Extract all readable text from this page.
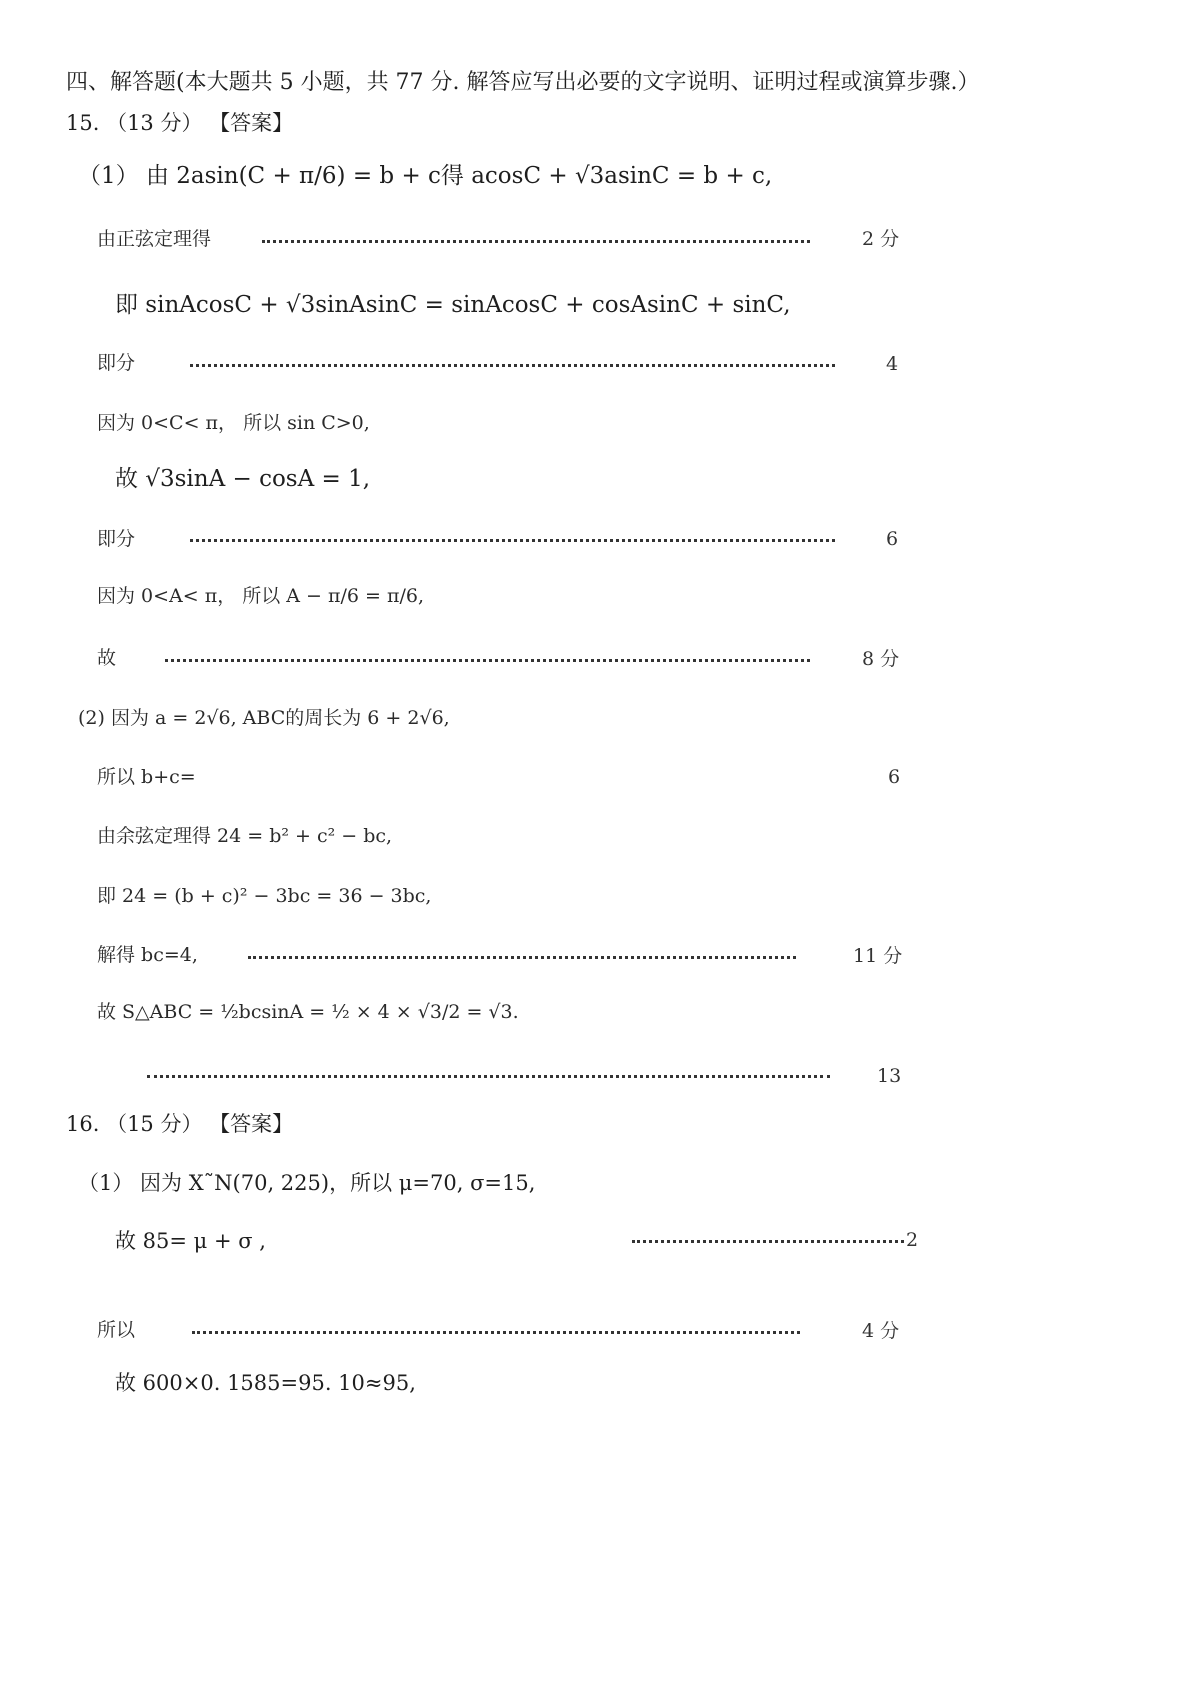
四、解答题(本大题共 5 小题，共 77 分. 解答应写出必要的文字说明、证明过程或演算步骤.）
15. （13 分） 【答案】
（1） 由 2asin(C + π/6) = b + c得 acosC + √3asinC = b + c,
由正弦定理得	2 分
即 sinAcosC + √3sinAsinC = sinAcosC + cosAsinC + sinC,
即分	4
因为 0<C< π， 所以 sin C>0,
故 √3sinA − cosA = 1,
即分	6
因为 0<A< π， 所以 A − π/6 = π/6,
故	8 分
(2) 因为 a = 2√6, ABC的周长为 6 + 2√6,
所以 b+c=	6
由余弦定理得 24 = b² + c² − bc,
即 24 = (b + c)² − 3bc = 36 − 3bc,
解得 bc=4,	11 分
故 S△ABC = ½bcsinA = ½ × 4 × √3/2 = √3.
13
16. （15 分） 【答案】
（1） 因为 X˜N(70, 225)，所以 μ=70, σ=15,
故 85= μ + σ ,	2
所以	4 分
故 600×0. 1585=95. 10≈95,
